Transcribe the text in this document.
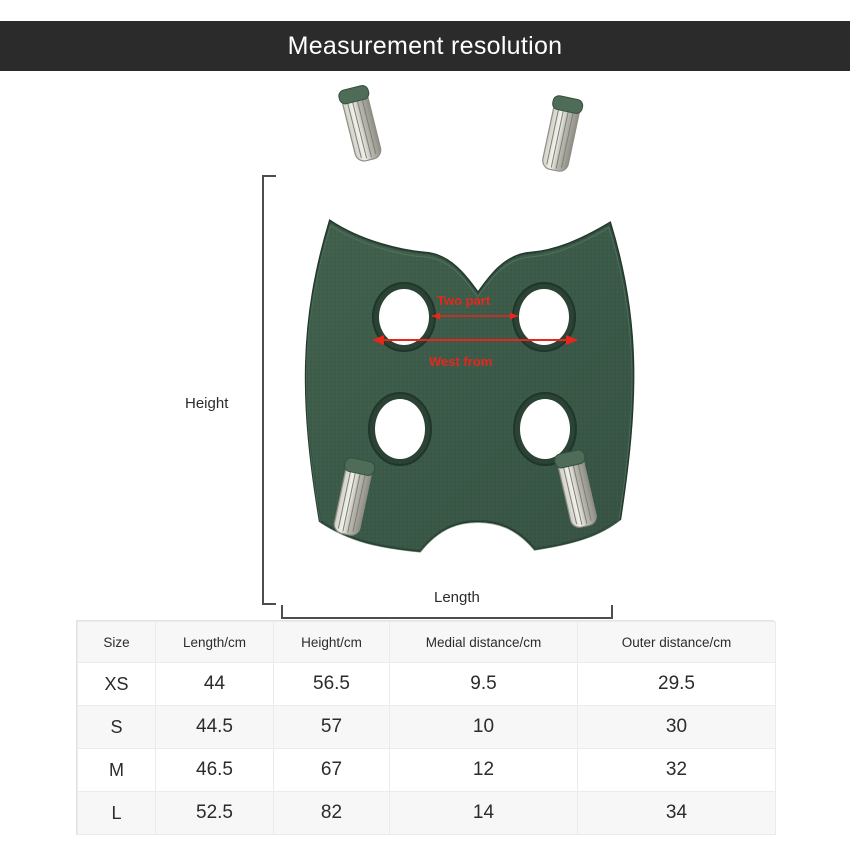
Measurement resolution
Height
Length
Two part
West from
Size	Length/cm	Height/cm	Medial distance/cm	Outer distance/cm
XS	44	56.5	9.5	29.5
S	44.5	57	10	30
M	46.5	67	12	32
L	52.5	82	14	34
